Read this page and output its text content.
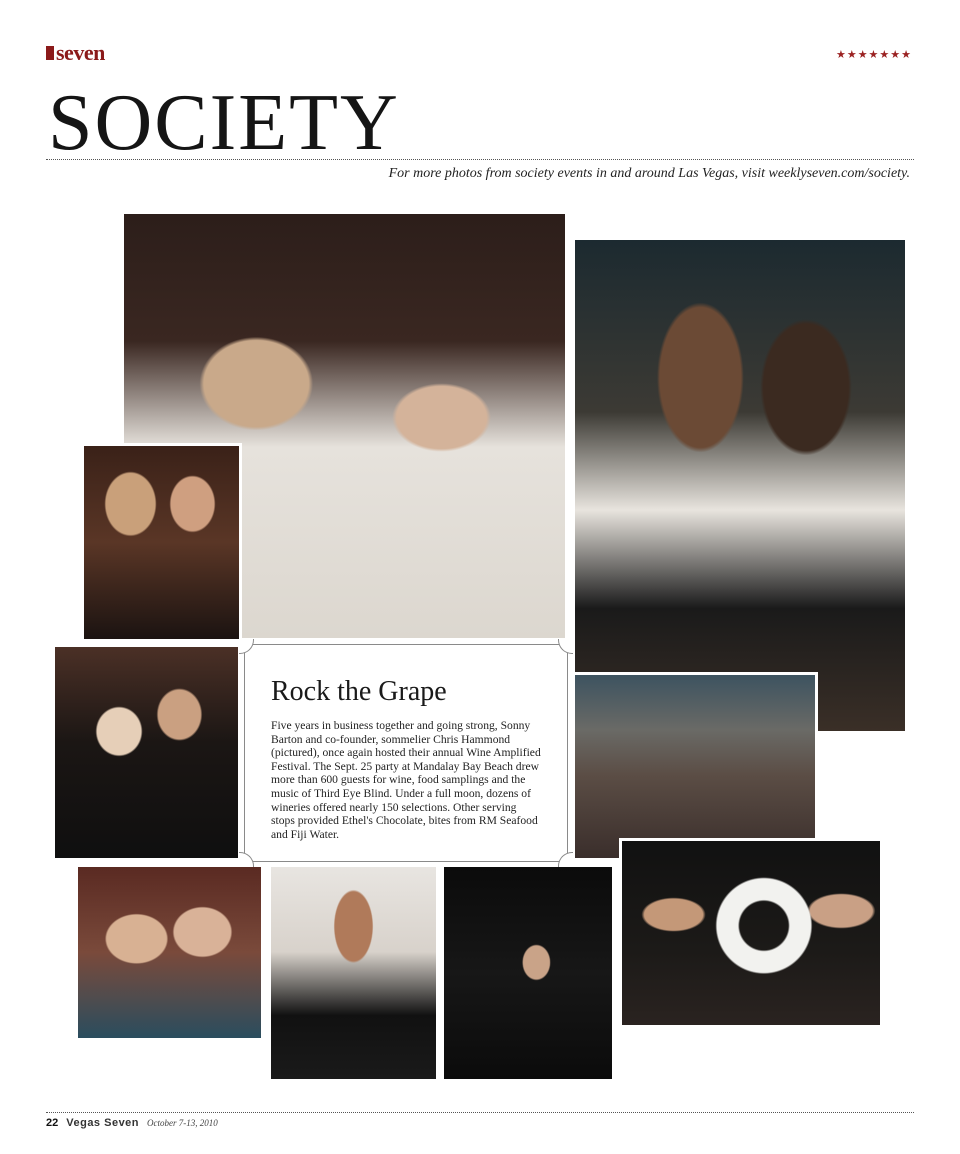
seven	★★★★★★★
SOCIETY
For more photos from society events in and around Las Vegas, visit weeklyseven.com/society.
Rock the Grape

Five years in business together and going strong, Sonny Barton and co-founder, sommelier Chris Hammond (pictured), once again hosted their annual Wine Amplified Festival. The Sept. 25 party at Mandalay Bay Beach drew more than 600 guests for wine, food samplings and the music of Third Eye Blind. Under a full moon, dozens of wineries offered nearly 150 selections. Other serving stops provided Ethel's Chocolate, bites from RM Seafood and Fiji Water.

22 Vegas Seven October 7-13, 2010
